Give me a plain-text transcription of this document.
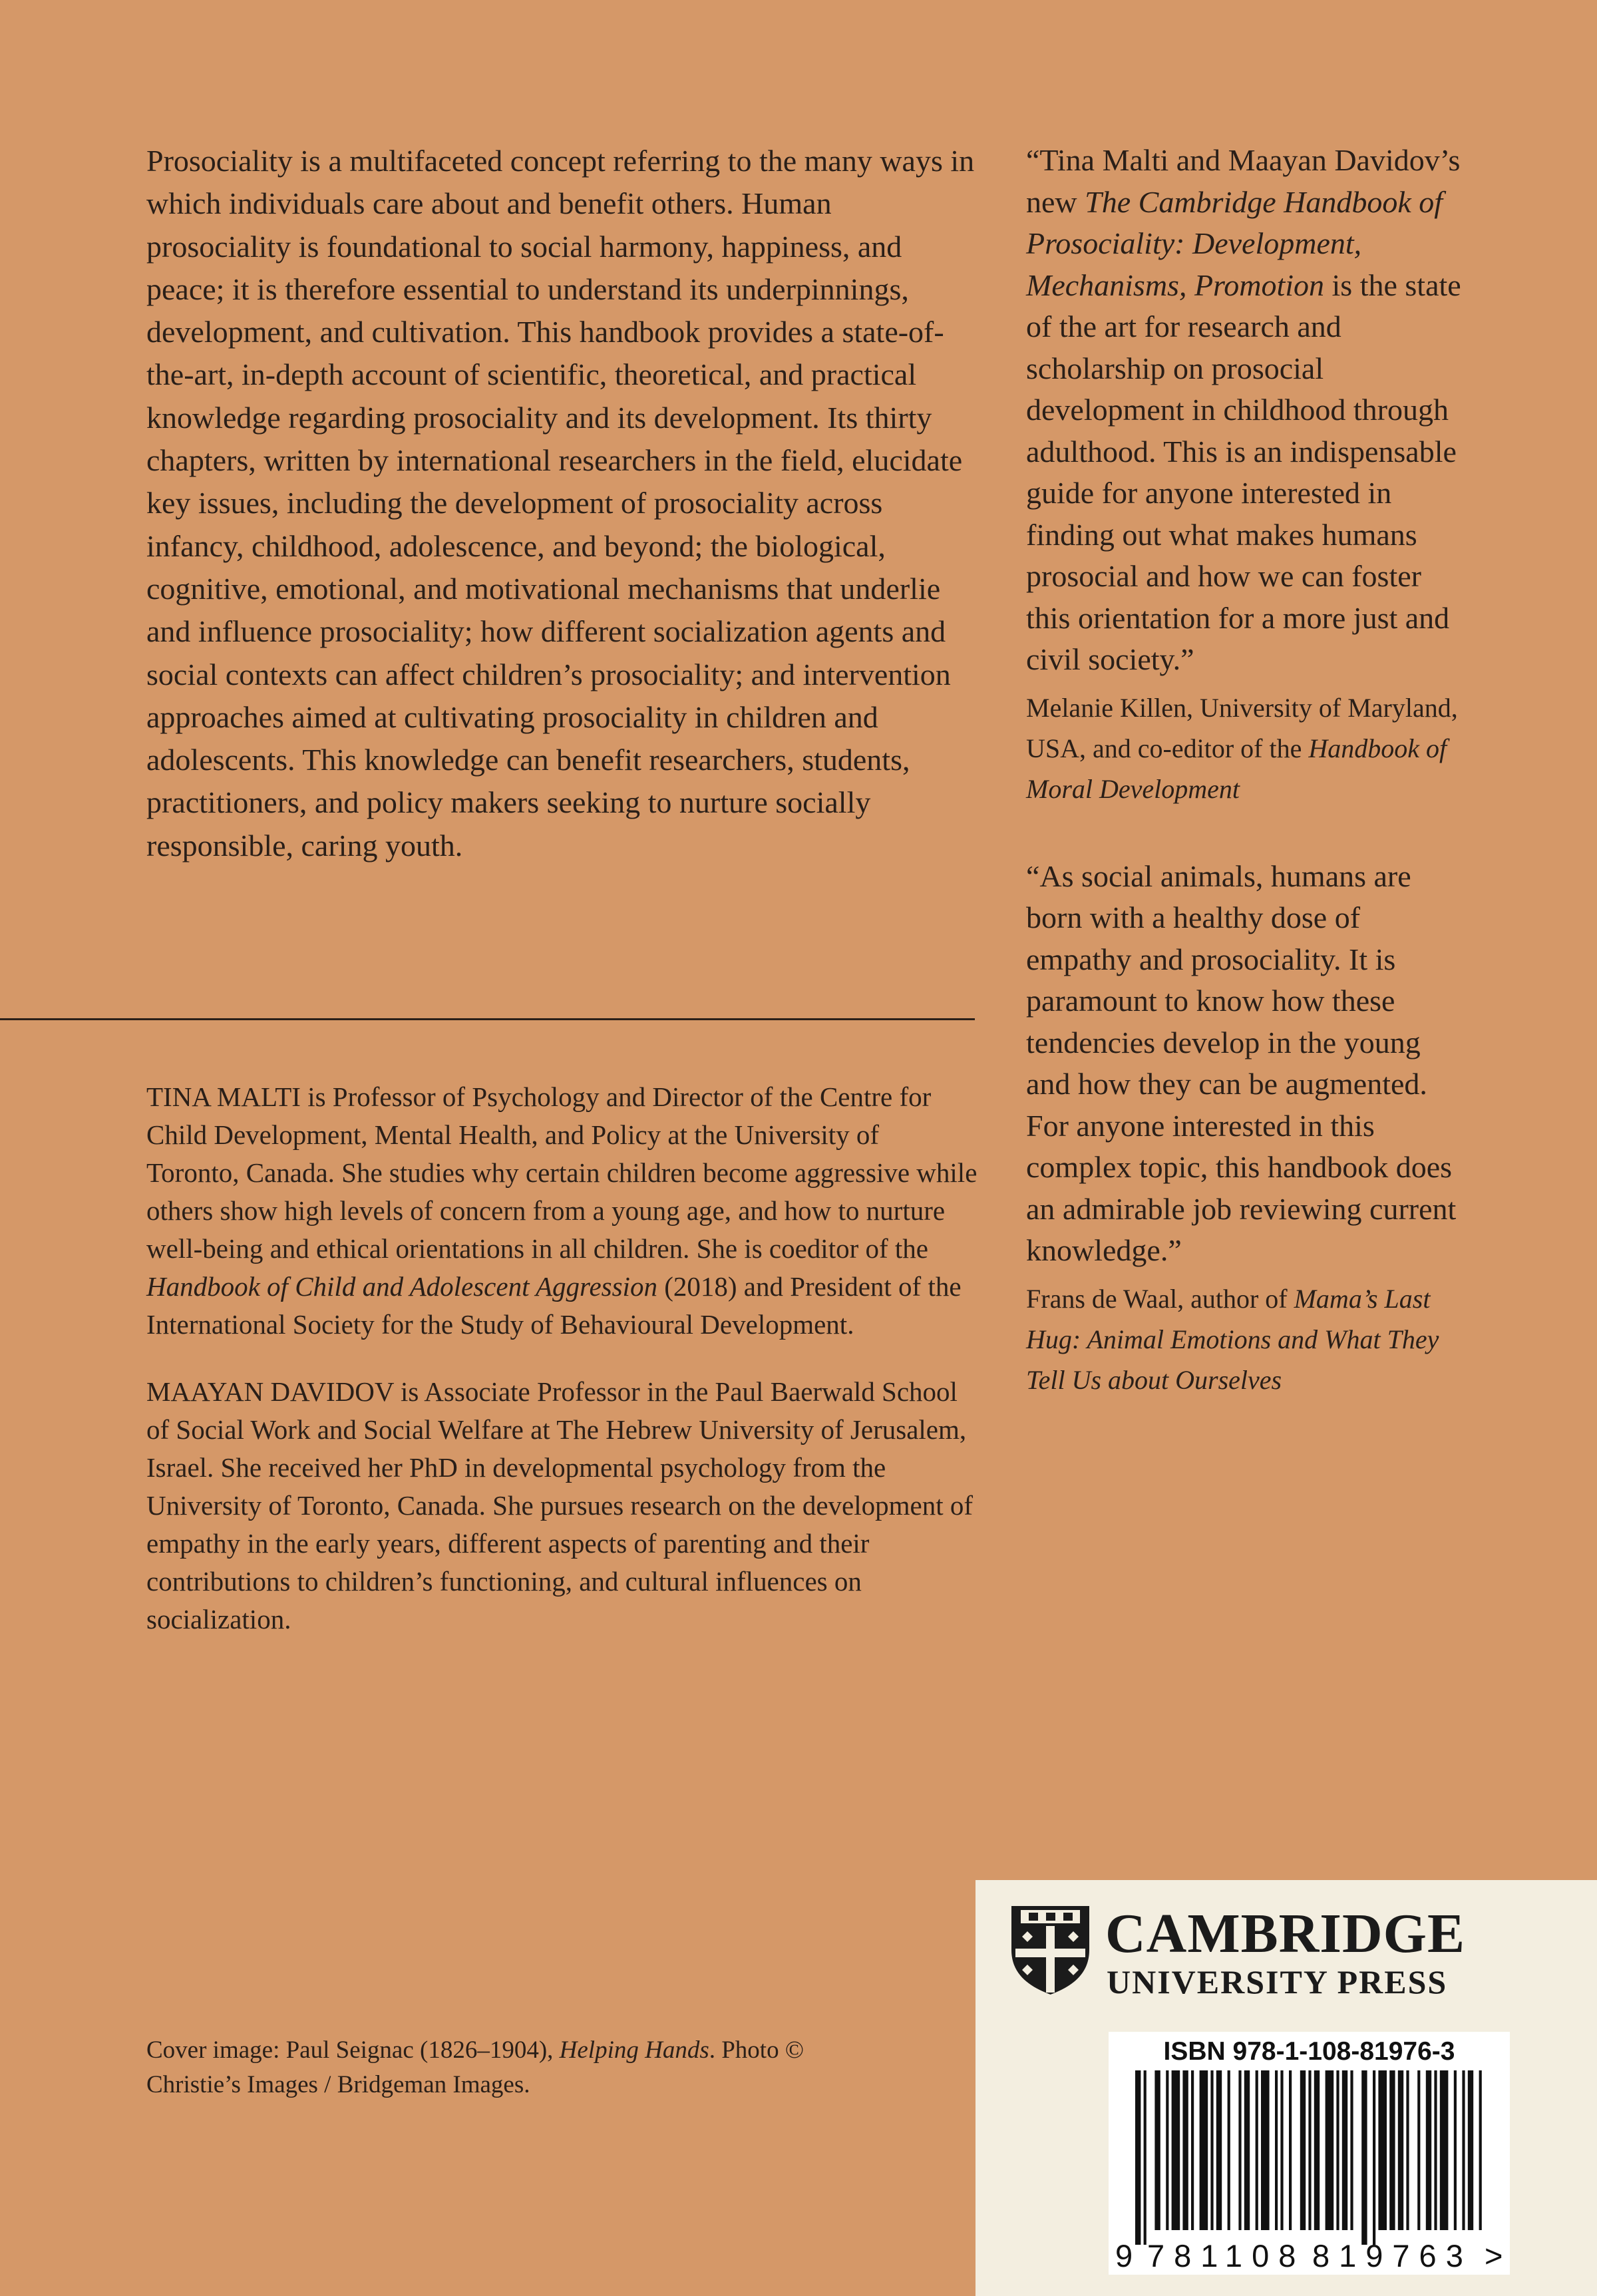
Prosociality is a multifaceted concept referring to the many ways in which individuals care about and benefit others. Human prosociality is foundational to social harmony, happiness, and peace; it is therefore essential to understand its underpinnings, development, and cultivation. This handbook provides a state-of-the-art, in-depth account of scientific, theoretical, and practical knowledge regarding prosociality and its development. Its thirty chapters, written by international researchers in the field, elucidate key issues, including the development of prosociality across infancy, childhood, adolescence, and beyond; the biological, cognitive, emotional, and motivational mechanisms that underlie and influence prosociality; how different socialization agents and social contexts can affect children’s prosociality; and intervention approaches aimed at cultivating prosociality in children and adolescents. This knowledge can benefit researchers, students, practitioners, and policy makers seeking to nurture socially responsible, caring youth.

TINA MALTI is Professor of Psychology and Director of the Centre for Child Development, Mental Health, and Policy at the University of Toronto, Canada. She studies why certain children become aggressive while others show high levels of concern from a young age, and how to nurture well-being and ethical orientations in all children. She is coeditor of the Handbook of Child and Adolescent Aggression (2018) and President of the International Society for the Study of Behavioural Development.

MAAYAN DAVIDOV is Associate Professor in the Paul Baerwald School of Social Work and Social Welfare at The Hebrew University of Jerusalem, Israel. She received her PhD in developmental psychology from the University of Toronto, Canada. She pursues research on the development of empathy in the early years, different aspects of parenting and their contributions to children’s functioning, and cultural influences on socialization.

“Tina Malti and Maayan Davidov’s new The Cambridge Handbook of Prosociality: Development, Mechanisms, Promotion is the state of the art for research and scholarship on prosocial development in childhood through adulthood. This is an indispensable guide for anyone interested in finding out what makes humans prosocial and how we can foster this orientation for a more just and civil society.”

Melanie Killen, University of Maryland, USA, and co-editor of the Handbook of Moral Development

“As social animals, humans are born with a healthy dose of empathy and prosociality. It is paramount to know how these tendencies develop in the young and how they can be augmented. For anyone interested in this complex topic, this handbook does an admirable job reviewing current knowledge.”

Frans de Waal, author of Mama’s Last Hug: Animal Emotions and What They Tell Us about Ourselves

Cover image: Paul Seignac (1826–1904), Helping Hands. Photo © Christie’s Images / Bridgeman Images.

CAMBRIDGE
UNIVERSITY PRESS
ISBN 978-1-108-81976-3
9 781108 819763 >
